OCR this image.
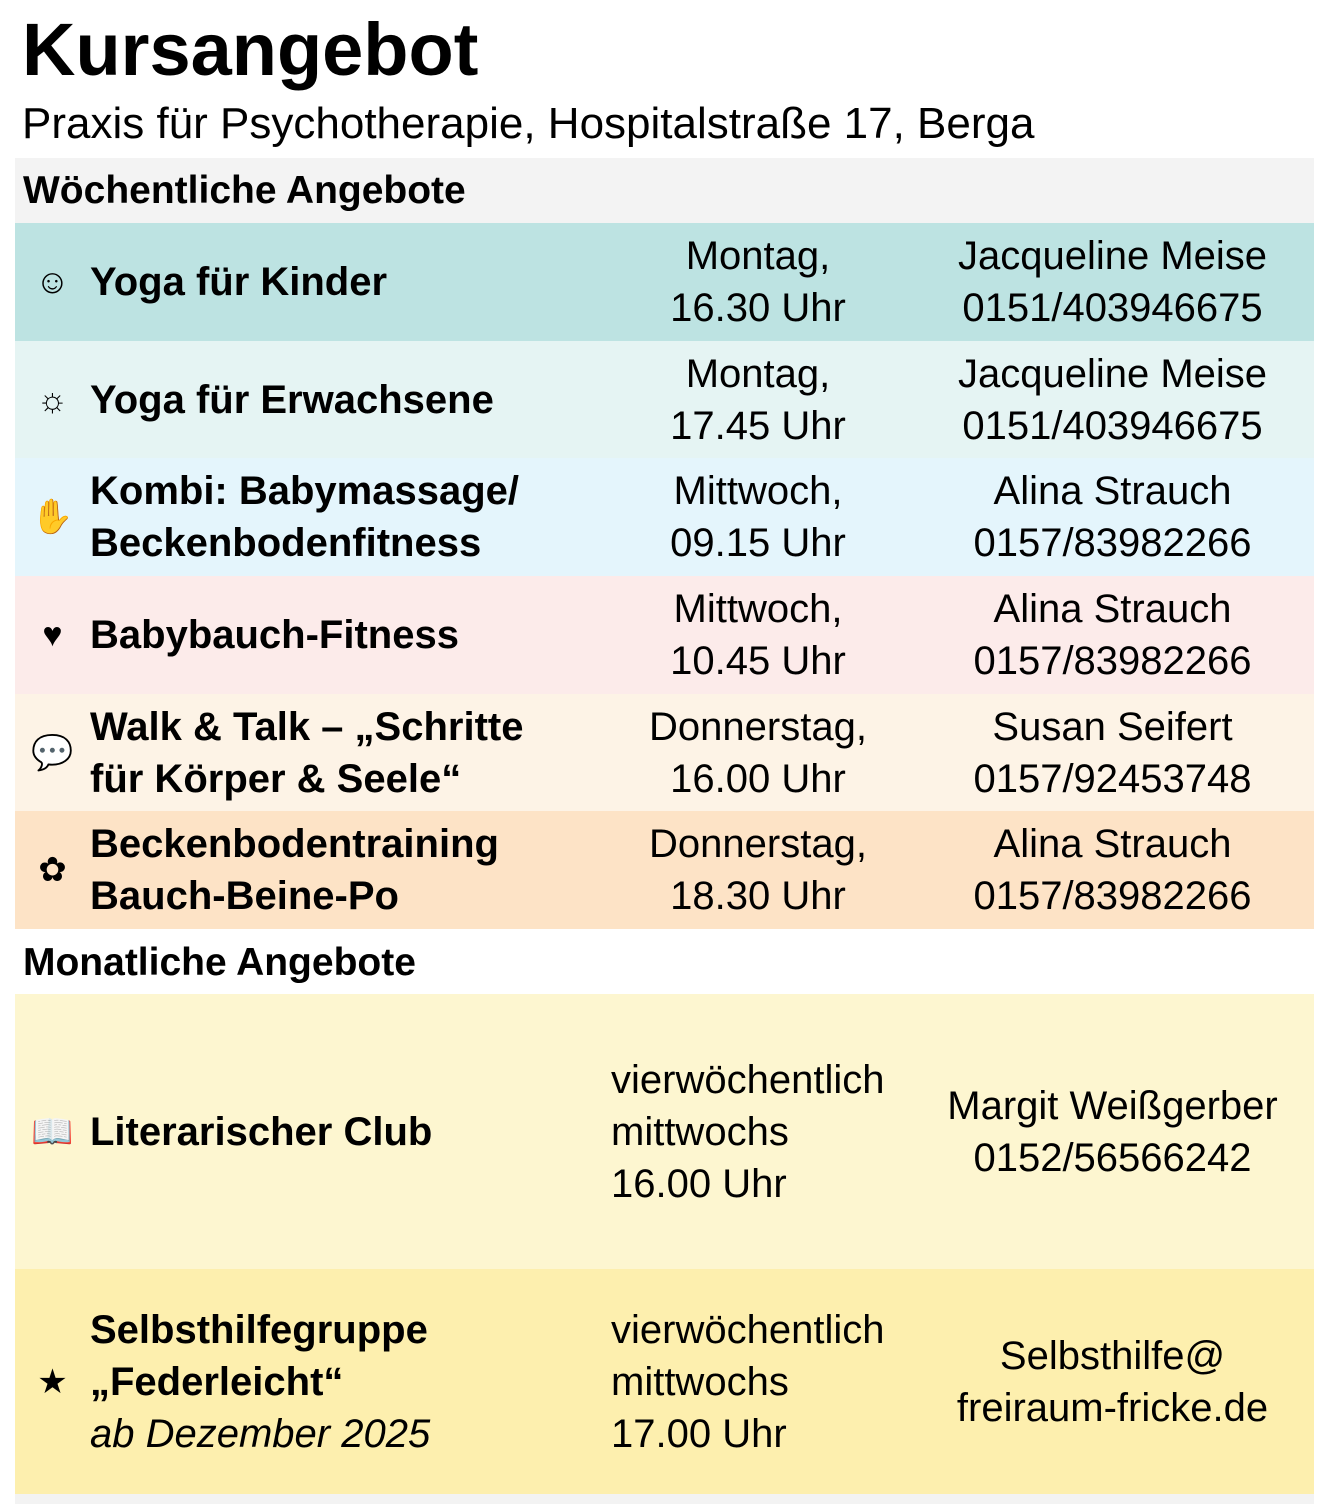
Kursangebot
Praxis für Psychotherapie, Hospitalstraße 17, Berga
Wöchentliche Angebote
☺ Yoga für Kinder
Montag,
16.30 Uhr
Jacqueline Meise
0151/403946675
☼ Yoga für Erwachsene
Montag,
17.45 Uhr
Jacqueline Meise
0151/403946675
✋
Kombi: Babymassage/
Beckenbodenfitness
Mittwoch,
09.15 Uhr
Alina Strauch
0157/83982266
♥ Babybauch-Fitness
Mittwoch,
10.45 Uhr
Alina Strauch
0157/83982266
💬
Walk & Talk – „Schritte
für Körper & Seele“
Donnerstag,
16.00 Uhr
Susan Seifert
0157/92453748
✿
Beckenbodentraining
Bauch-Beine-Po
Donnerstag,
18.30 Uhr
Alina Strauch
0157/83982266
Monatliche Angebote
📖 Literarischer Club
vierwöchentlich
mittwochs
16.00 Uhr
Margit Weißgerber
0152/56566242
★
Selbsthilfegruppe
„Federleicht“
ab Dezember 2025
vierwöchentlich
mittwochs
17.00 Uhr
Selbsthilfe@
freiraum-fricke.de
